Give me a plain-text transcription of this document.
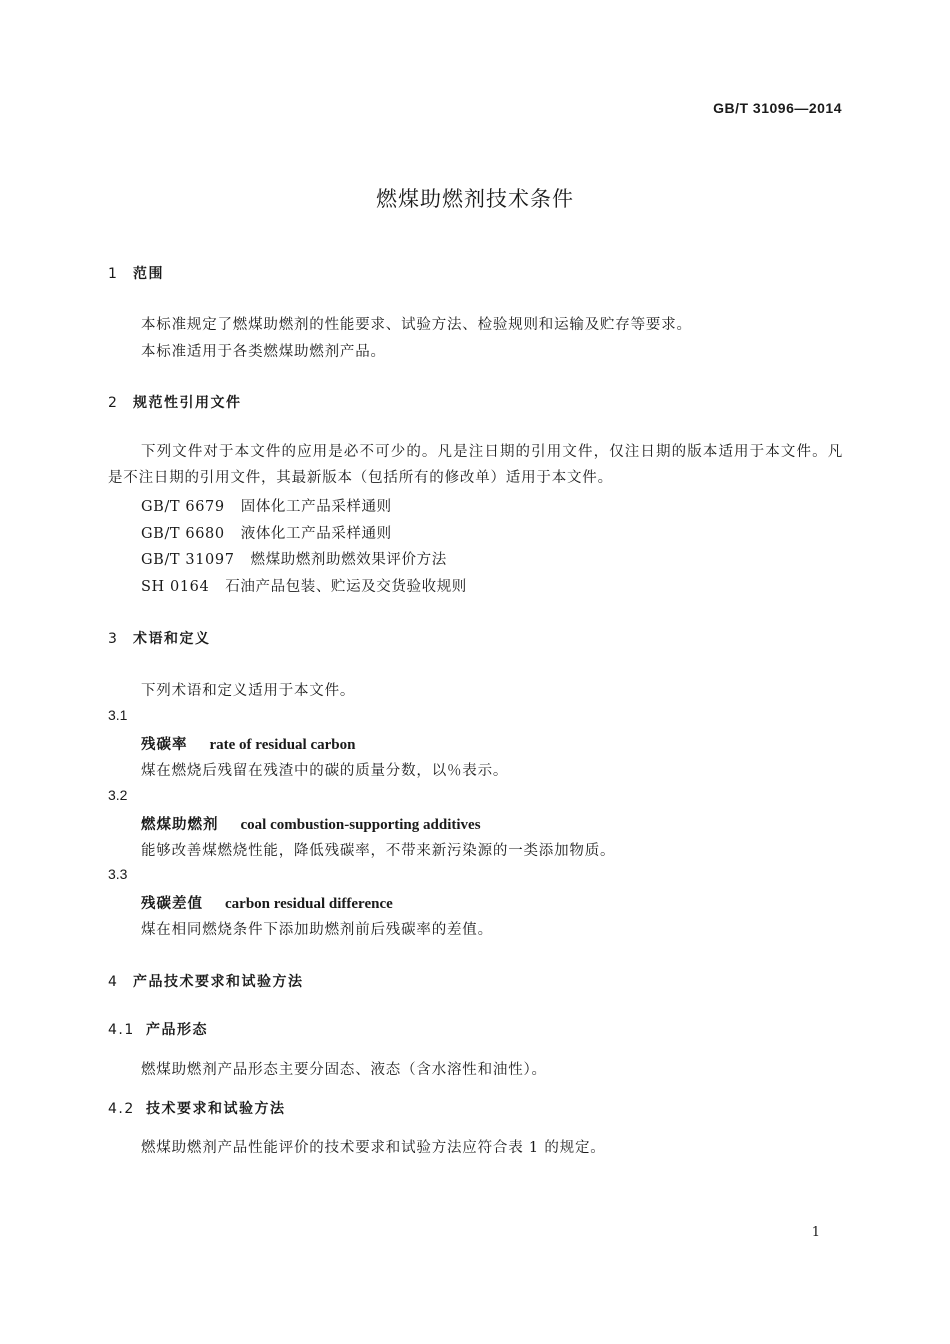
GB/T 31096—2014
燃煤助燃剂技术条件
1 范围
本标准规定了燃煤助燃剂的性能要求、试验方法、检验规则和运输及贮存等要求。
本标准适用于各类燃煤助燃剂产品。
2 规范性引用文件
下列文件对于本文件的应用是必不可少的。凡是注日期的引用文件，仅注日期的版本适用于本文件。凡是不注日期的引用文件，其最新版本（包括所有的修改单）适用于本文件。
GB/T 6679 固体化工产品采样通则
GB/T 6680 液体化工产品采样通则
GB/T 31097 燃煤助燃剂助燃效果评价方法
SH 0164 石油产品包装、贮运及交货验收规则
3 术语和定义
下列术语和定义适用于本文件。
3.1
残碳率 rate of residual carbon
煤在燃烧后残留在残渣中的碳的质量分数，以％表示。
3.2
燃煤助燃剂 coal combustion-supporting additives
能够改善煤燃烧性能，降低残碳率，不带来新污染源的一类添加物质。
3.3
残碳差值 carbon residual difference
煤在相同燃烧条件下添加助燃剂前后残碳率的差值。
4 产品技术要求和试验方法
4.1 产品形态
燃煤助燃剂产品形态主要分固态、液态（含水溶性和油性）。
4.2 技术要求和试验方法
燃煤助燃剂产品性能评价的技术要求和试验方法应符合表 1 的规定。
1
